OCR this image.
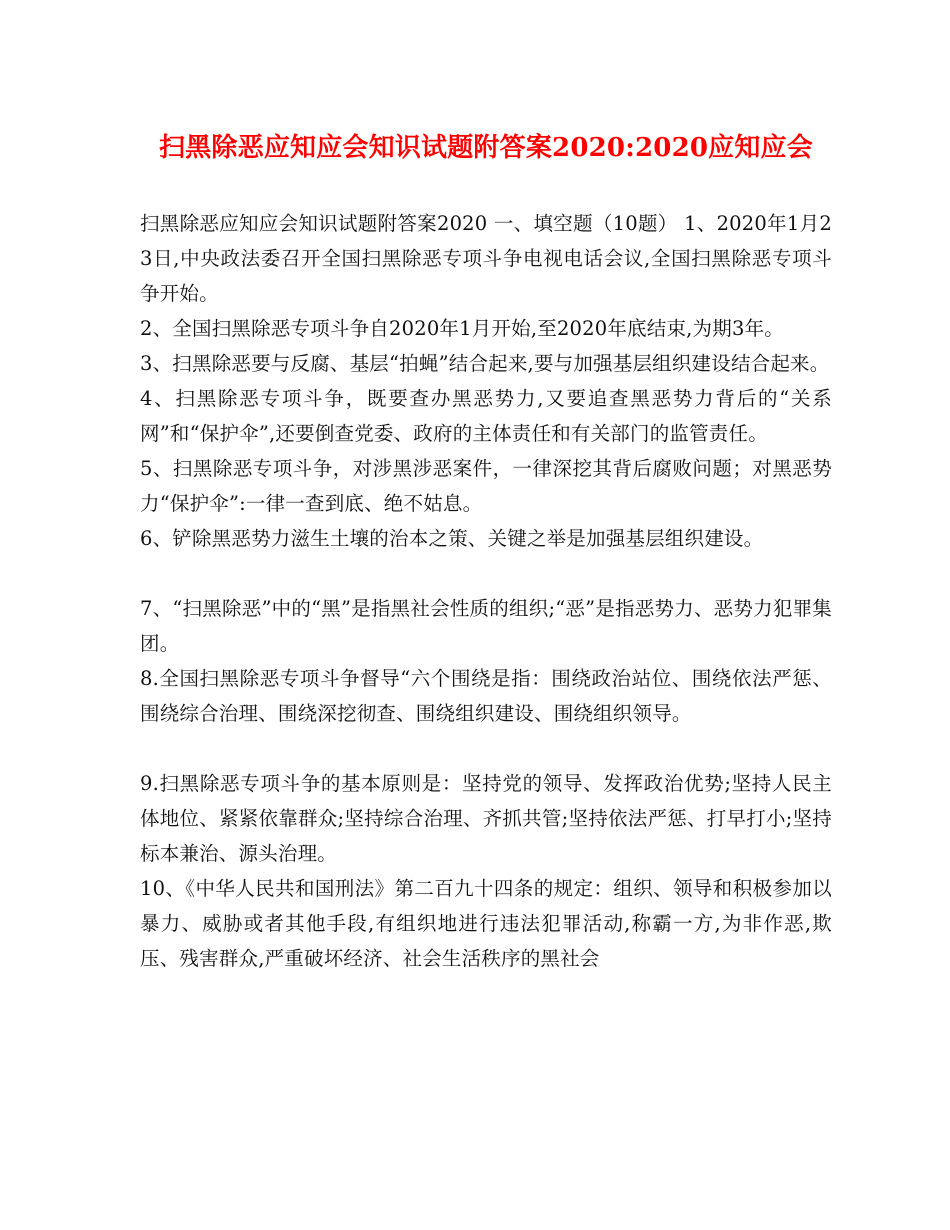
扫黑除恶应知应会知识试题附答案2020:2020应知应会

扫黑除恶应知应会知识试题附答案2020 一、填空题（10题） 1、2020年1月23日,中央政法委召开全国扫黑除恶专项斗争电视电话会议,全国扫黑除恶专项斗争开始。

2、全国扫黑除恶专项斗争自2020年1月开始,至2020年底结束,为期3年。

3、扫黑除恶要与反腐、基层“拍蝇”结合起来,要与加强基层组织建设结合起来。

4、扫黑除恶专项斗争，既要查办黑恶势力,又要追查黑恶势力背后的“关系网”和“保护伞”,还要倒查党委、政府的主体责任和有关部门的监管责任。

5、扫黑除恶专项斗争，对涉黑涉恶案件，一律深挖其背后腐败问题；对黑恶势力“保护伞”:一律一查到底、绝不姑息。

6、铲除黑恶势力滋生土壤的治本之策、关键之举是加强基层组织建设。

7、“扫黑除恶”中的“黑”是指黑社会性质的组织;“恶”是指恶势力、恶势力犯罪集团。

8.全国扫黑除恶专项斗争督导“六个围绕是指：围绕政治站位、围绕依法严惩、围绕综合治理、围绕深挖彻查、围绕组织建设、围绕组织领导。

9.扫黑除恶专项斗争的基本原则是：坚持党的领导、发挥政治优势;坚持人民主体地位、紧紧依靠群众;坚持综合治理、齐抓共管;坚持依法严惩、打早打小;坚持标本兼治、源头治理。

10、《中华人民共和国刑法》第二百九十四条的规定：组织、领导和积极参加以暴力、威胁或者其他手段,有组织地进行违法犯罪活动,称霸一方,为非作恶,欺压、残害群众,严重破坏经济、社会生活秩序的黑社会
